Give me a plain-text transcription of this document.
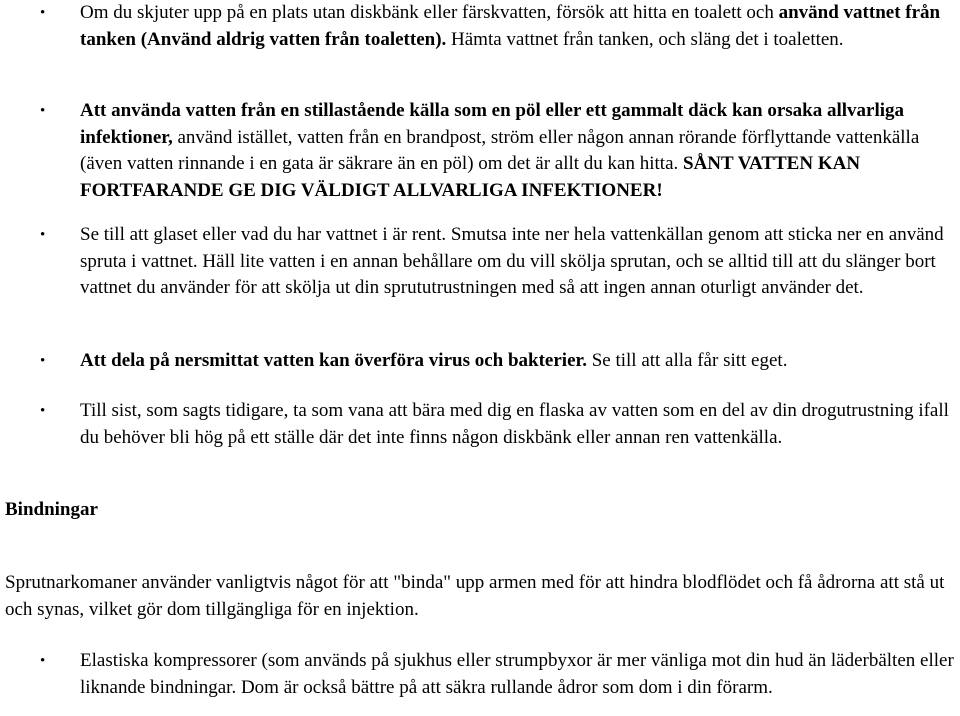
• Om du skjuter upp på en plats utan diskbänk eller färskvatten, försök att hitta en toalett och använd vattnet från tanken (Använd aldrig vatten från toaletten). Hämta vattnet från tanken, och släng det i toaletten.

• Att använda vatten från en stillastående källa som en pöl eller ett gammalt däck kan orsaka allvarliga infektioner, använd istället, vatten från en brandpost, ström eller någon annan rörande förflyttande vattenkälla (även vatten rinnande i en gata är säkrare än en pöl) om det är allt du kan hitta. SÅNT VATTEN KAN FORTFARANDE GE DIG VÄLDIGT ALLVARLIGA INFEKTIONER!

• Se till att glaset eller vad du har vattnet i är rent. Smutsa inte ner hela vattenkällan genom att sticka ner en använd spruta i vattnet. Häll lite vatten i en annan behållare om du vill skölja sprutan, och se alltid till att du slänger bort vattnet du använder för att skölja ut din sprututrustningen med så att ingen annan oturligt använder det.

• Att dela på nersmittat vatten kan överföra virus och bakterier. Se till att alla får sitt eget.

• Till sist, som sagts tidigare, ta som vana att bära med dig en flaska av vatten som en del av din drogutrustning ifall du behöver bli hög på ett ställe där det inte finns någon diskbänk eller annan ren vattenkälla.

Bindningar

Sprutnarkomaner använder vanligtvis något för att "binda" upp armen med för att hindra blodflödet och få ådrorna att stå ut och synas, vilket gör dom tillgängliga för en injektion.

• Elastiska kompressorer (som används på sjukhus eller strumpbyxor är mer vänliga mot din hud än läderbälten eller liknande bindningar. Dom är också bättre på att säkra rullande ådror som dom i din förarm.
